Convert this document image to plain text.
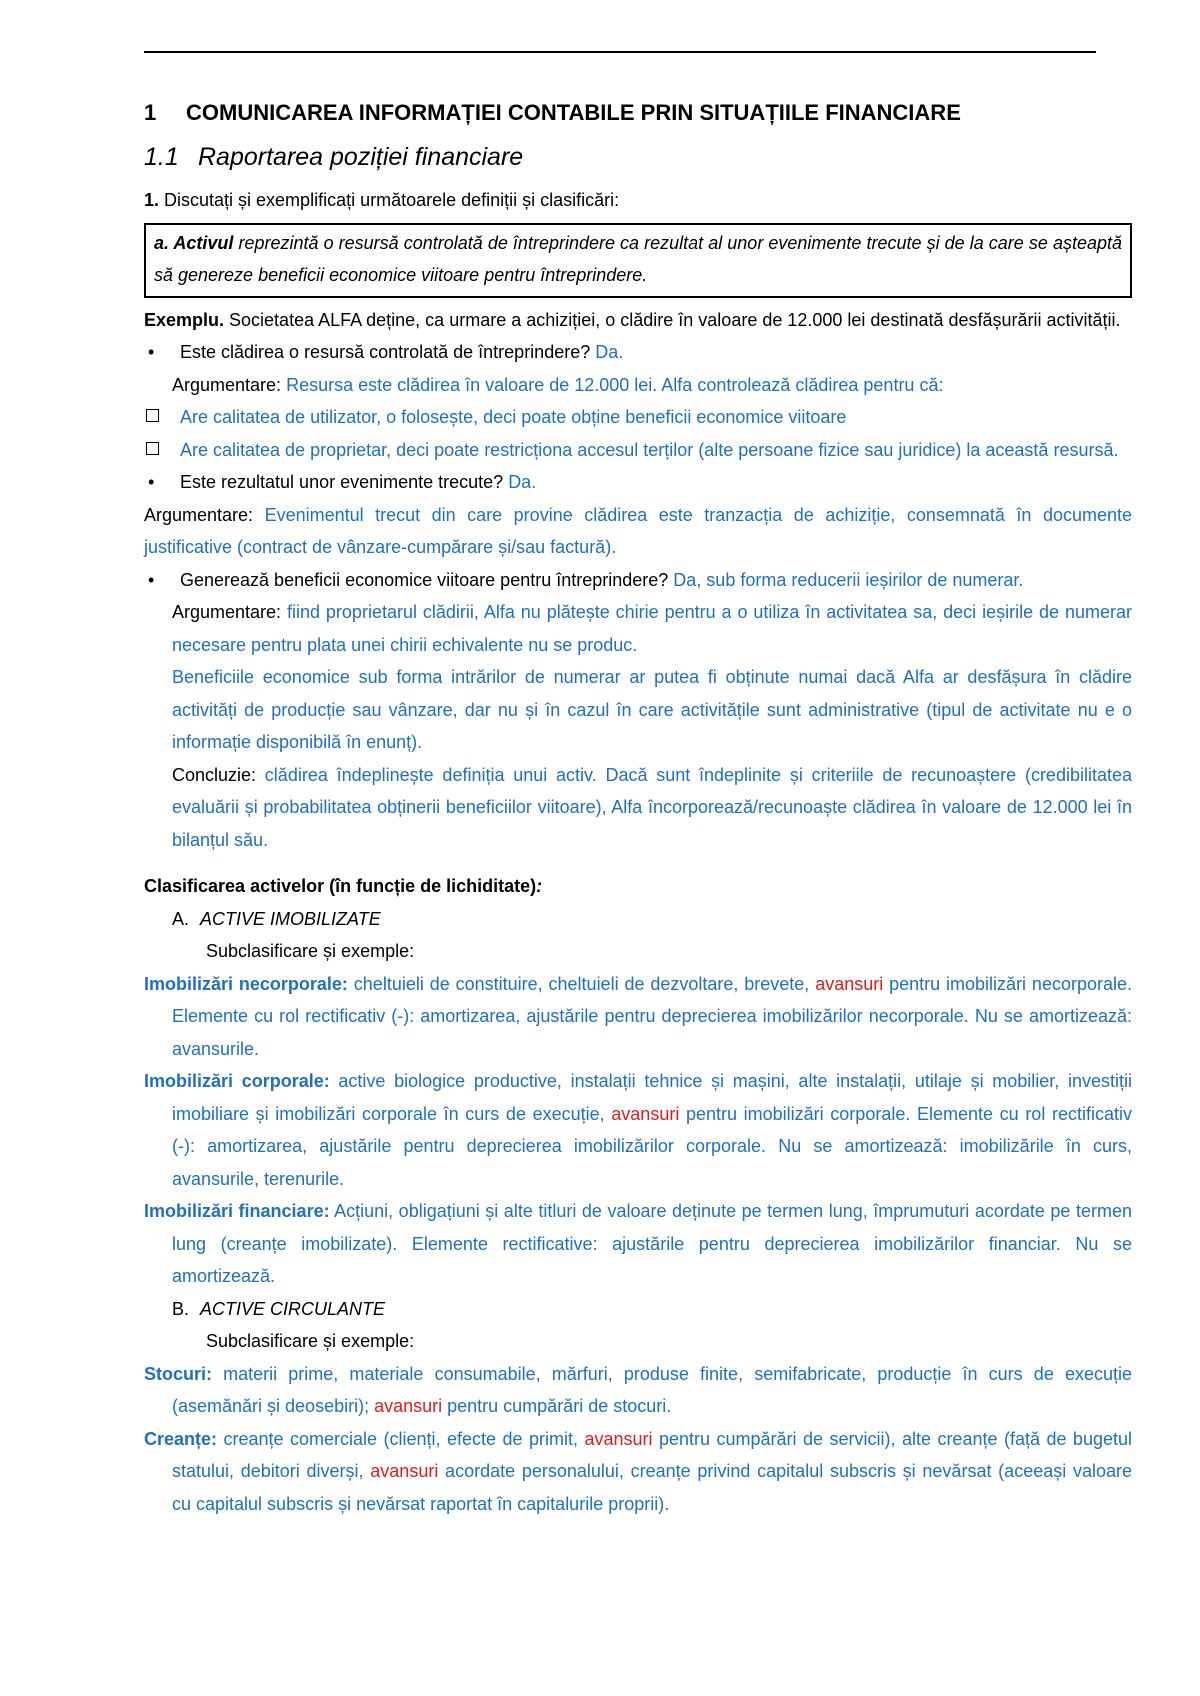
1 COMUNICAREA INFORMAȚIEI CONTABILE PRIN SITUAȚIILE FINANCIARE
1.1 Raportarea poziției financiare

1. Discutați și exemplificați următoarele definiții și clasificări:

a. Activul reprezintă o resursă controlată de întreprindere ca rezultat al unor evenimente trecute și de la care se așteaptă să genereze beneficii economice viitoare pentru întreprindere.

Exemplu. Societatea ALFA deține, ca urmare a achiziției, o clădire în valoare de 12.000 lei destinată desfășurării activității.

•	Este clădirea o resursă controlată de întreprindere? Da.
Argumentare: Resursa este clădirea în valoare de 12.000 lei. Alfa controlează clădirea pentru că:
Are calitatea de utilizator, o folosește, deci poate obține beneficii economice viitoare
Are calitatea de proprietar, deci poate restricționa accesul terților (alte persoane fizice sau juridice) la această resursă.
•	Este rezultatul unor evenimente trecute? Da.

Argumentare: Evenimentul trecut din care provine clădirea este tranzacția de achiziție, consemnată în documente justificative (contract de vânzare-cumpărare și/sau factură).

•	Generează beneficii economice viitoare pentru întreprindere? Da, sub forma reducerii ieșirilor de numerar.
Argumentare: fiind proprietarul clădirii, Alfa nu plătește chirie pentru a o utiliza în activitatea sa, deci ieșirile de numerar necesare pentru plata unei chirii echivalente nu se produc.
Beneficiile economice sub forma intrărilor de numerar ar putea fi obținute numai dacă Alfa ar desfășura în clădire activități de producție sau vânzare, dar nu și în cazul în care activitățile sunt administrative (tipul de activitate nu e o informație disponibilă în enunț).
Concluzie: clădirea îndeplinește definiția unui activ. Dacă sunt îndeplinite și criteriile de recunoaștere (credibilitatea evaluării și probabilitatea obținerii beneficiilor viitoare), Alfa încorporează/recunoaște clădirea în valoare de 12.000 lei în bilanțul său.
Clasificarea activelor (în funcție de lichiditate):
A. ACTIVE IMOBILIZATE
Subclasificare și exemple:
Imobilizări necorporale: cheltuieli de constituire, cheltuieli de dezvoltare, brevete, avansuri pentru imobilizări necorporale. Elemente cu rol rectificativ (-): amortizarea, ajustările pentru deprecierea imobilizărilor necorporale. Nu se amortizează: avansurile.
Imobilizări corporale: active biologice productive, instalații tehnice și mașini, alte instalații, utilaje și mobilier, investiții imobiliare și imobilizări corporale în curs de execuție, avansuri pentru imobilizări corporale. Elemente cu rol rectificativ (-): amortizarea, ajustările pentru deprecierea imobilizărilor corporale. Nu se amortizează: imobilizările în curs, avansurile, terenurile.
Imobilizări financiare: Acțiuni, obligațiuni și alte titluri de valoare deținute pe termen lung, împrumuturi acordate pe termen lung (creanțe imobilizate). Elemente rectificative: ajustările pentru deprecierea imobilizărilor financiar. Nu se amortizează.
B. ACTIVE CIRCULANTE
Subclasificare și exemple:
Stocuri: materii prime, materiale consumabile, mărfuri, produse finite, semifabricate, producție în curs de execuție (asemănări și deosebiri); avansuri pentru cumpărări de stocuri.
Creanțe: creanțe comerciale (clienți, efecte de primit, avansuri pentru cumpărări de servicii), alte creanțe (față de bugetul statului, debitori diverși, avansuri acordate personalului, creanțe privind capitalul subscris și nevărsat (aceeași valoare cu capitalul subscris și nevărsat raportat în capitalurile proprii).
